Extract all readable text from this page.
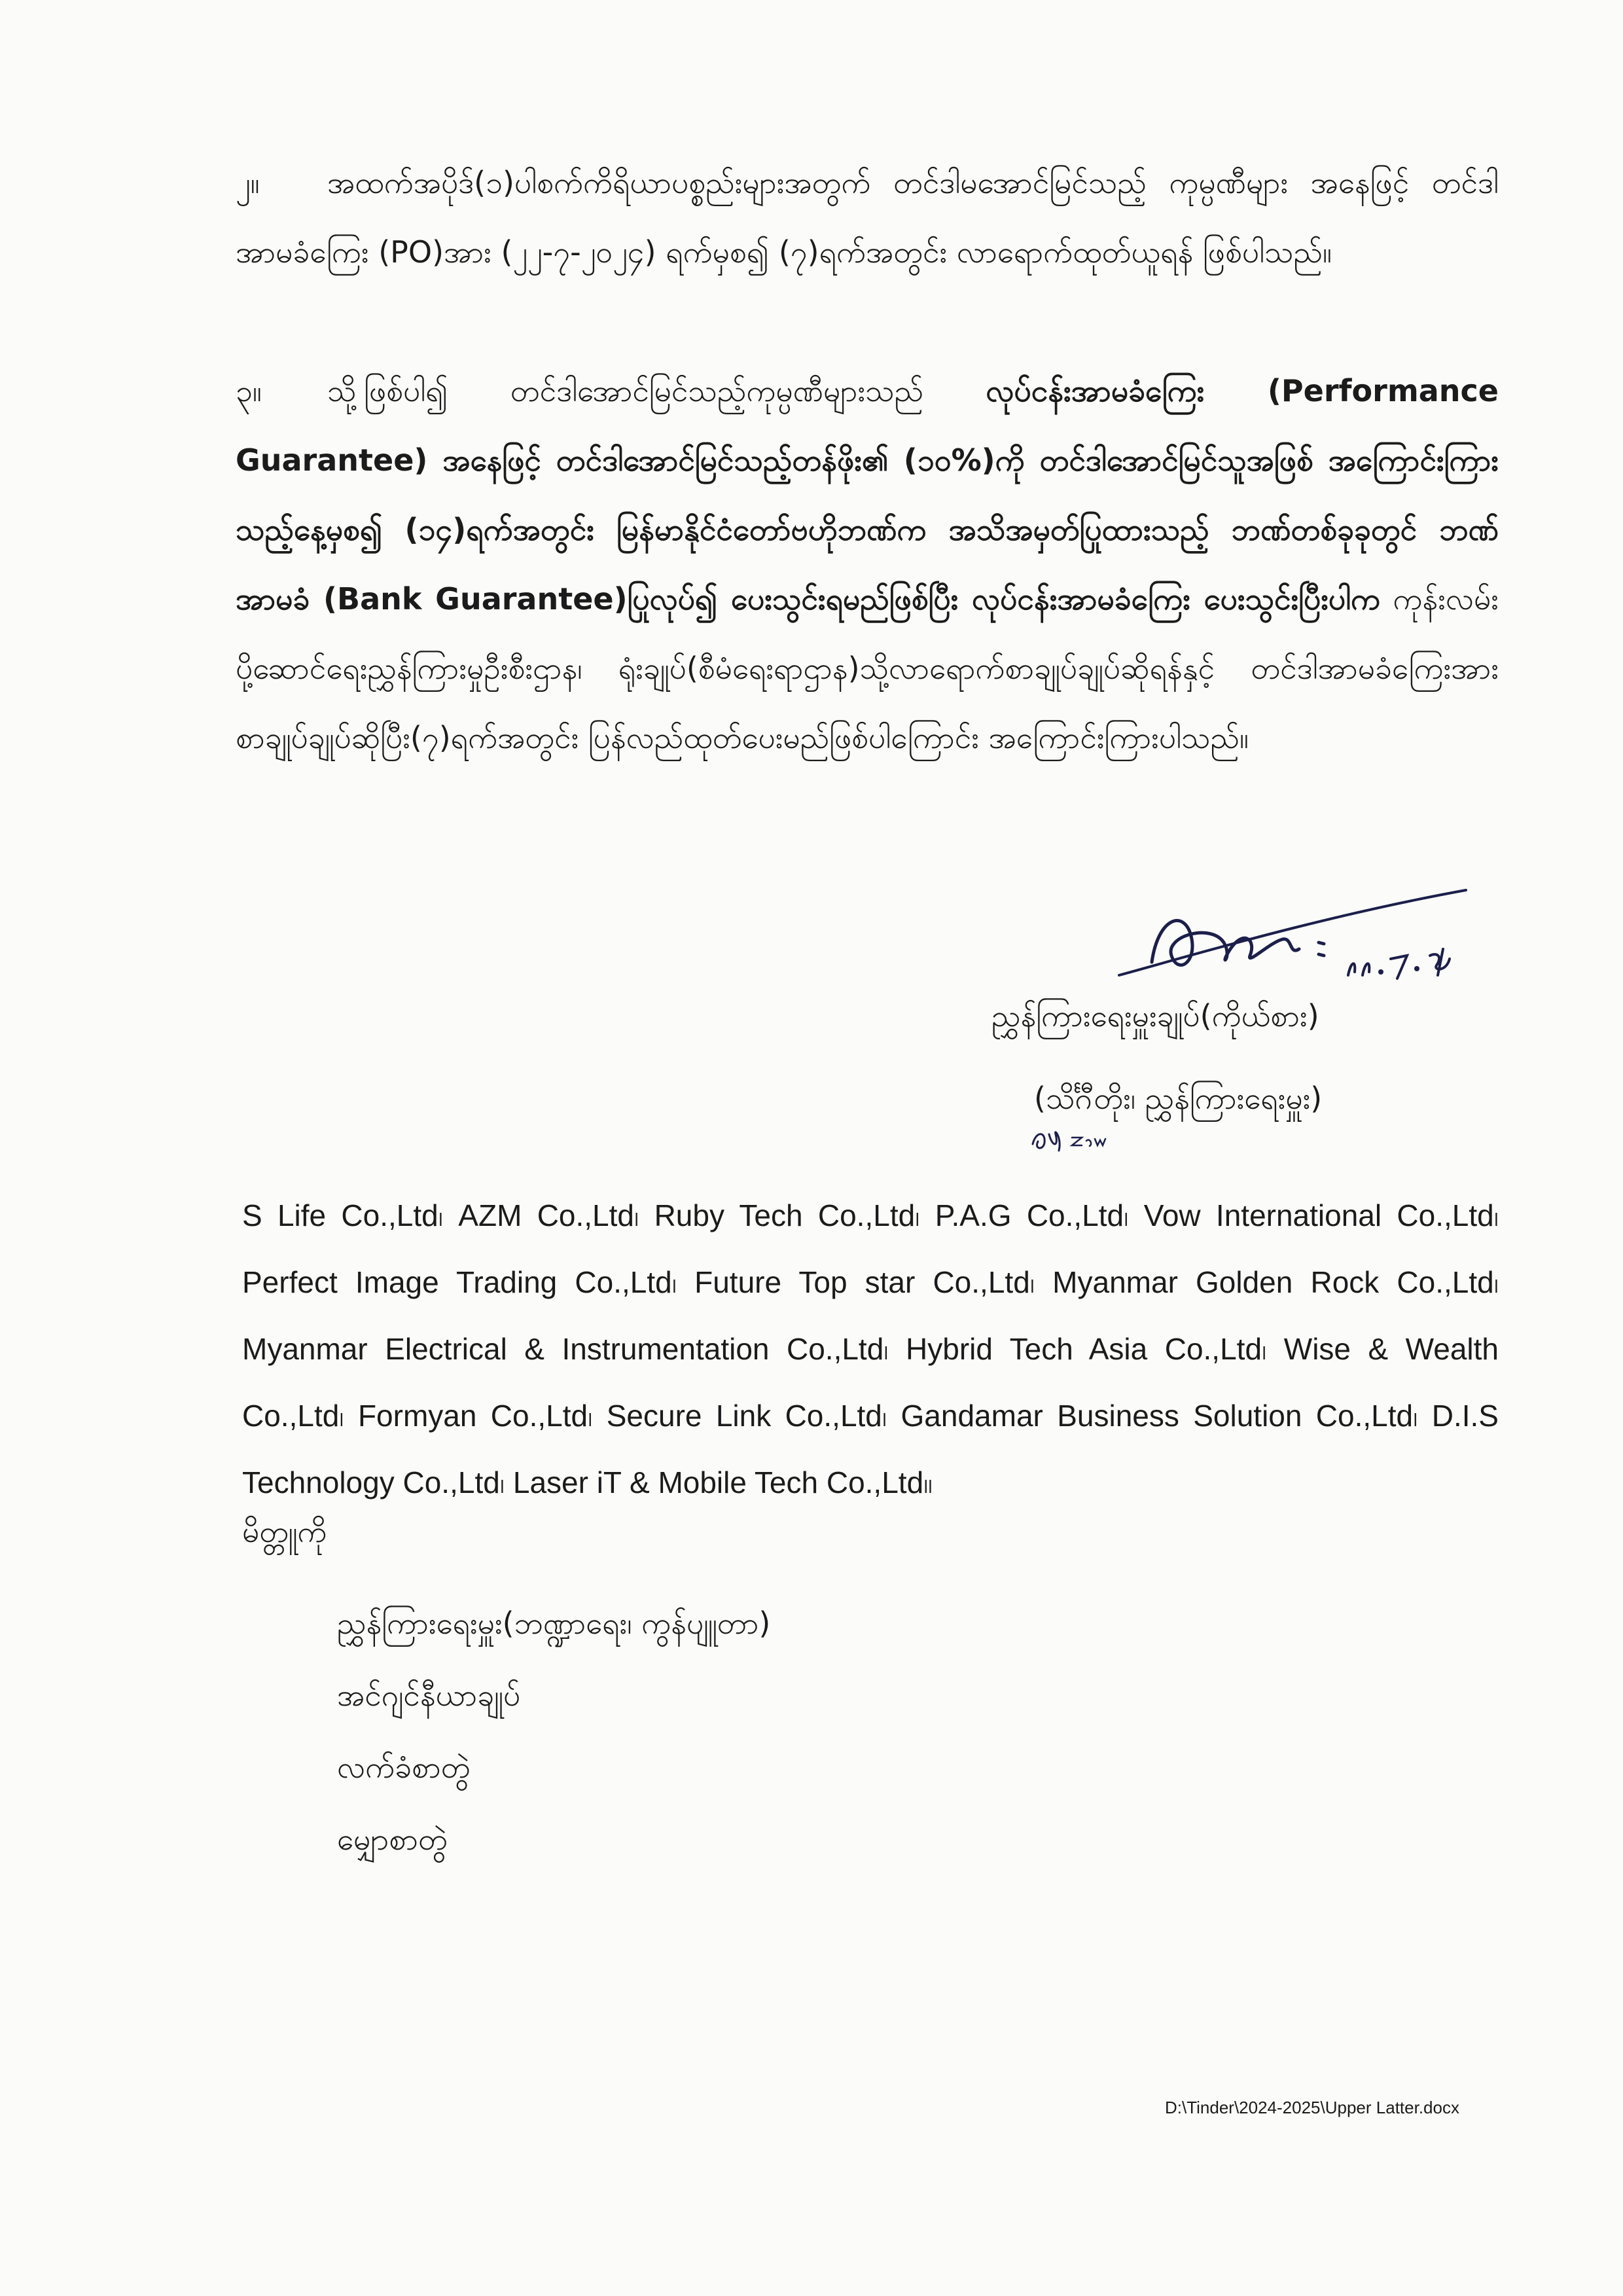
၂။ အထက်အပိုဒ်(၁)ပါစက်ကိရိယာပစ္စည်းများအတွက် တင်ဒါမအောင်မြင်သည့် ကုမ္ပဏီများ အနေဖြင့် တင်ဒါအာမခံကြေး (PO)အား (၂၂-၇-၂၀၂၄) ရက်မှစ၍ (၇)ရက်အတွင်း လာရောက်ထုတ်ယူရန် ဖြစ်ပါသည်။

၃။ သို့ဖြစ်ပါ၍ တင်ဒါအောင်မြင်သည့်ကုမ္ပဏီများသည် လုပ်ငန်းအာမခံကြေး (Performance Guarantee) အနေဖြင့် တင်ဒါအောင်မြင်သည့်တန်ဖိုး၏ (၁၀%)ကို တင်ဒါအောင်မြင်သူအဖြစ် အကြောင်းကြားသည့်နေ့မှစ၍ (၁၄)ရက်အတွင်း မြန်မာနိုင်ငံတော်ဗဟိုဘဏ်က အသိအမှတ်ပြုထားသည့် ဘဏ်တစ်ခုခုတွင် ဘဏ်အာမခံ (Bank Guarantee)ပြုလုပ်၍ ပေးသွင်းရမည်ဖြစ်ပြီး လုပ်ငန်းအာမခံကြေး ပေးသွင်းပြီးပါက ကုန်းလမ်းပို့ဆောင်ရေးညွှန်ကြားမှုဦးစီးဌာန၊ ရုံးချုပ်(စီမံရေးရာဌာန)သို့လာရောက်စာချုပ်ချုပ်ဆိုရန်နှင့် တင်ဒါအာမခံကြေးအား စာချုပ်ချုပ်ဆိုပြီး(၇)ရက်အတွင်း ပြန်လည်ထုတ်ပေးမည်ဖြစ်ပါကြောင်း အကြောင်းကြားပါသည်။

ညွှန်ကြားရေးမှူးချုပ်(ကိုယ်စား)
(သိင်္ဂီတိုး၊ ညွှန်ကြားရေးမှူး)

S Life Co.,Ltd၊ AZM Co.,Ltd၊ Ruby Tech Co.,Ltd၊ P.A.G Co.,Ltd၊ Vow International Co.,Ltd၊ Perfect Image Trading Co.,Ltd၊ Future Top star Co.,Ltd၊ Myanmar Golden Rock Co.,Ltd၊ Myanmar Electrical & Instrumentation Co.,Ltd၊ Hybrid Tech Asia Co.,Ltd၊ Wise & Wealth Co.,Ltd၊ Formyan Co.,Ltd၊ Secure Link Co.,Ltd၊ Gandamar Business Solution Co.,Ltd၊ D.I.S Technology Co.,Ltd၊ Laser iT & Mobile Tech Co.,Ltd။

မိတ္တူကို
ညွှန်ကြားရေးမှူး(ဘဏ္ဍာရေး၊ ကွန်ပျူတာ)
အင်ဂျင်နီယာချုပ်
လက်ခံစာတွဲ
မျှောစာတွဲ
D:\Tinder\2024-2025\Upper Latter.docx
